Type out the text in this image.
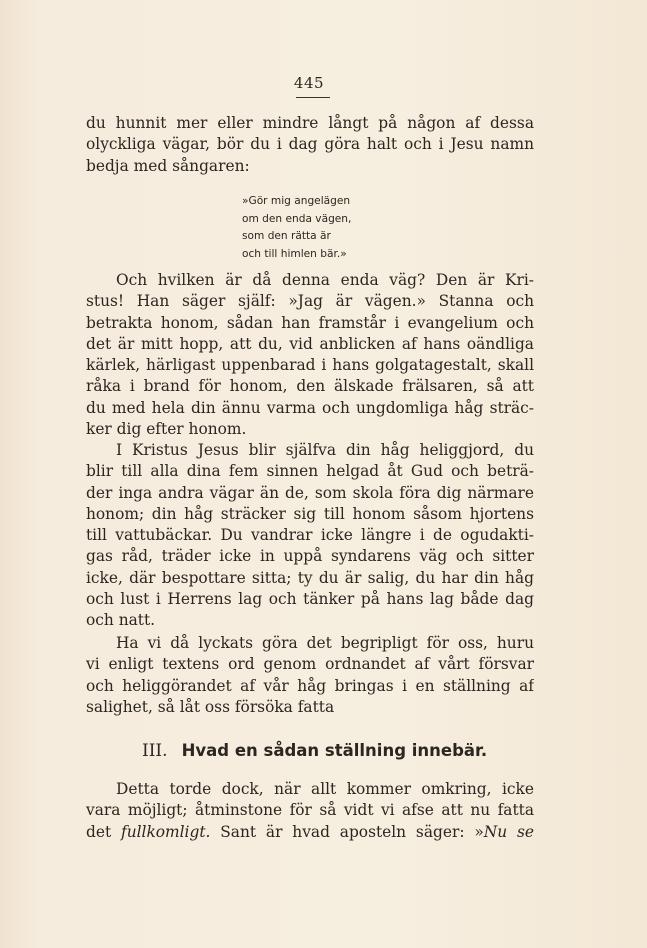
445
du hunnit mer eller mindre långt på någon af dessa
olyckliga vägar, bör du i dag göra halt och i Jesu namn
bedja med sångaren:
»Gör mig angelägen
om den enda vägen,
som den rätta är
och till himlen bär.»
Och hvilken är då denna enda väg? Den är Kri-
stus! Han säger själf: »Jag är vägen.» Stanna och
betrakta honom, sådan han framstår i evangelium och
det är mitt hopp, att du, vid anblicken af hans oändliga
kärlek, härligast uppenbarad i hans golgatagestalt, skall
råka i brand för honom, den älskade frälsaren, så att
du med hela din ännu varma och ungdomliga håg sträc-
ker dig efter honom.
I Kristus Jesus blir själfva din håg heliggjord, du
blir till alla dina fem sinnen helgad åt Gud och beträ-
der inga andra vägar än de, som skola föra dig närmare
honom; din håg sträcker sig till honom såsom hjortens
till vattubäckar. Du vandrar icke längre i de ogudakti-
gas råd, träder icke in uppå syndarens väg och sitter
icke, där bespottare sitta; ty du är salig, du har din håg
och lust i Herrens lag och tänker på hans lag både dag
och natt.
Ha vi då lyckats göra det begripligt för oss, huru
vi enligt textens ord genom ordnandet af vårt försvar
och heliggörandet af vår håg bringas i en ställning af
salighet, så låt oss försöka fatta
III. Hvad en sådan ställning innebär.
Detta torde dock, när allt kommer omkring, icke
vara möjligt; åtminstone för så vidt vi afse att nu fatta
det fullkomligt. Sant är hvad aposteln säger: »Nu se
